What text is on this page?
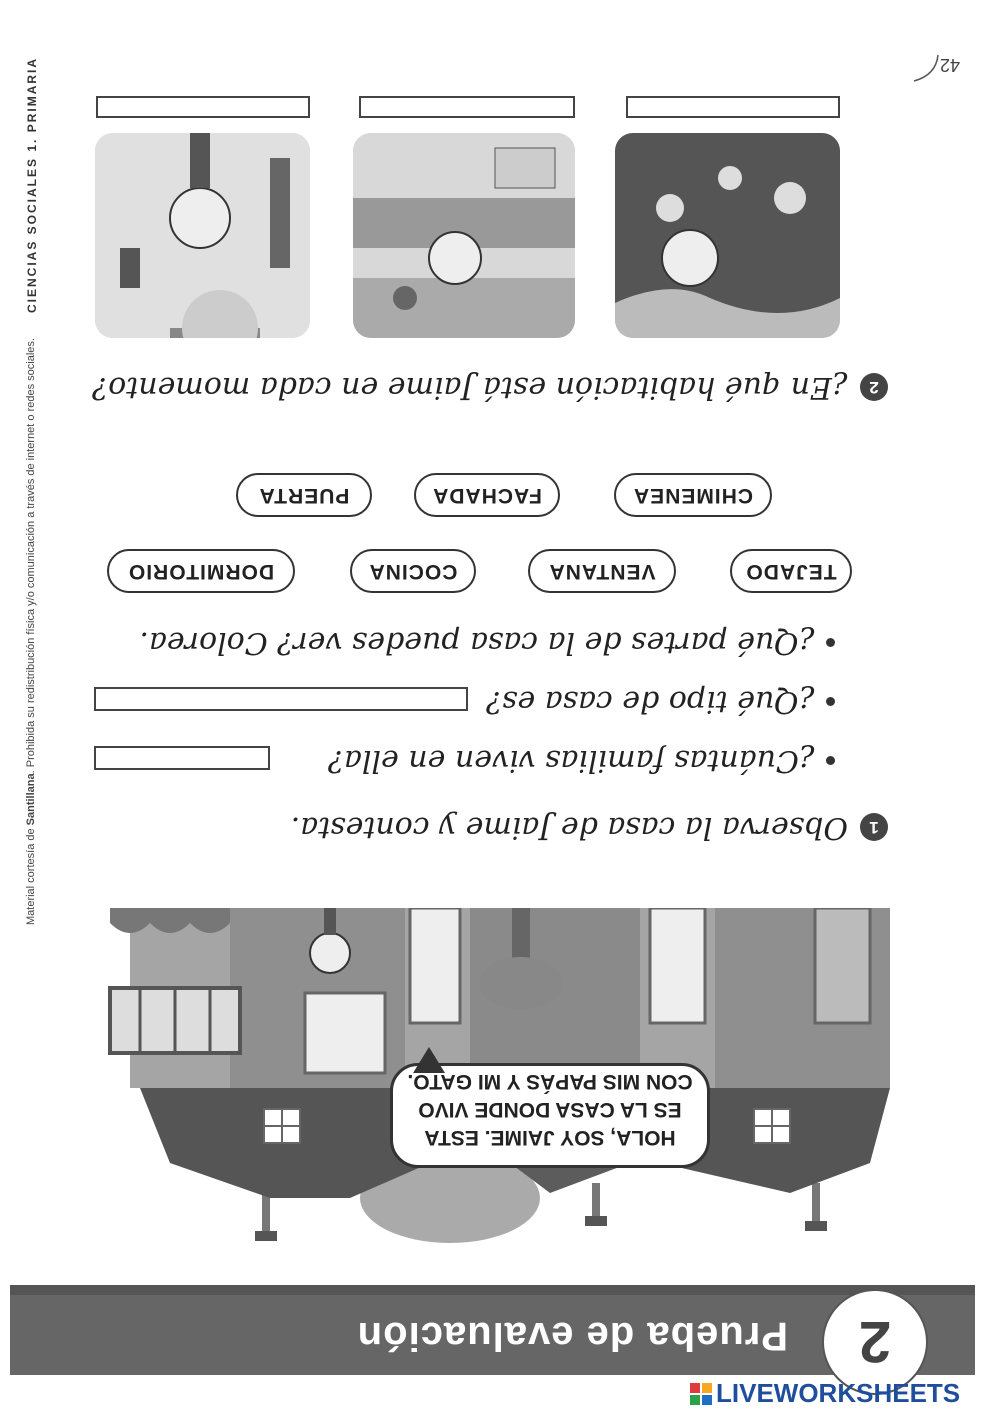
2
Prueba de evaluación
HOLA, SOY JAIME. ESTA
ES LA CASA DONDE VIVO
CON MIS PAPÁS Y MI GATO.
1
Observa la casa de Jaime y contesta.
¿Cuántas familias viven en ella?
¿Qué tipo de casa es?
¿Qué partes de la casa puedes ver? Colorea.
TEJADO
VENTANA
COCINA
DORMITORIO
CHIMENEA
FACHADA
PUERTA
2
¿En qué habitación está Jaime en cada momento?
42
Material cortesía de Santillana. Prohibida su redistribución física y/o comunicación a través de internet o redes sociales.
CIENCIAS SOCIALES 1. PRIMARIA
LIVEWORKSHEETS
